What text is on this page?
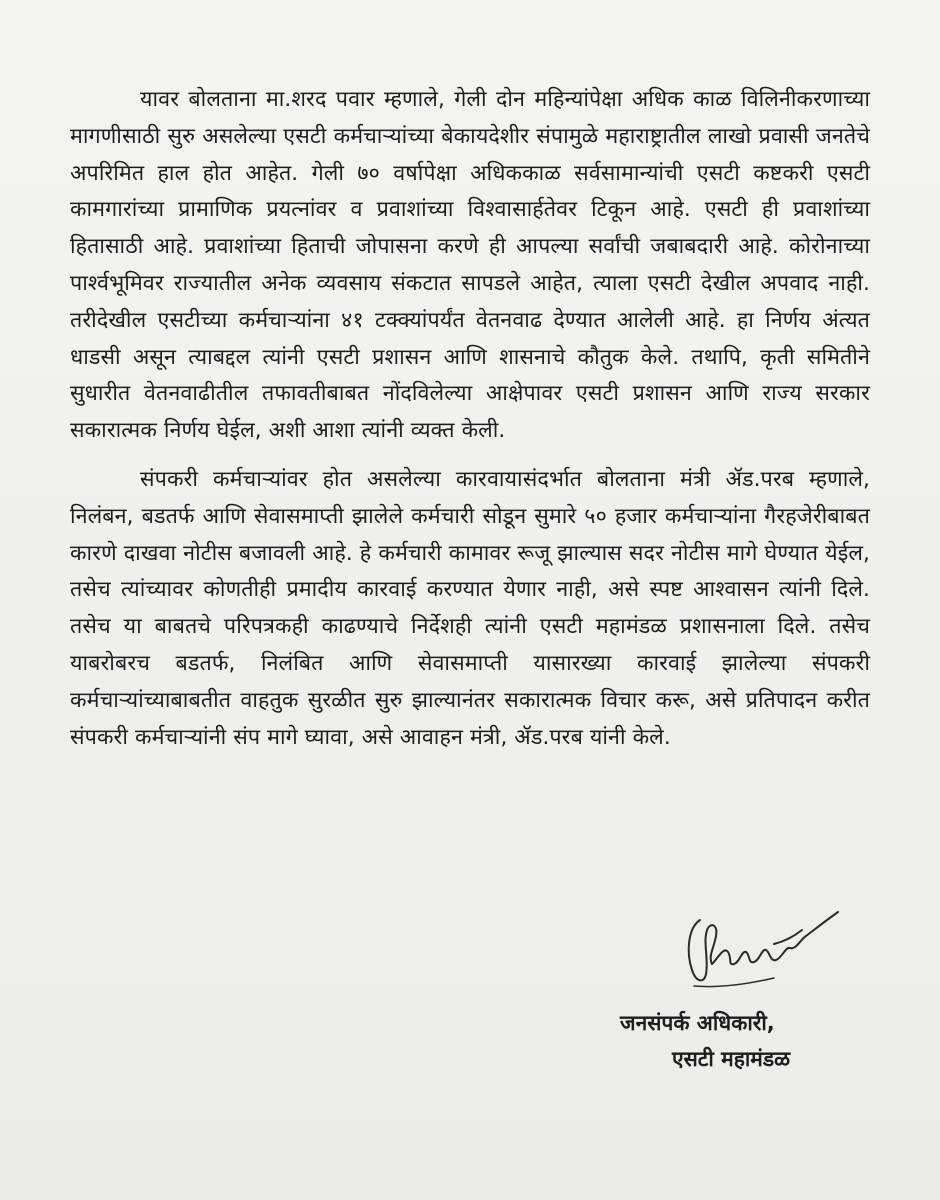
यावर बोलताना मा.शरद पवार म्हणाले, गेली दोन महिन्यांपेक्षा अधिक काळ विलिनीकरणाच्या मागणीसाठी सुरु असलेल्या एसटी कर्मचाऱ्यांच्या बेकायदेशीर संपामुळे महाराष्ट्रातील लाखो प्रवासी जनतेचे अपरिमित हाल होत आहेत. गेली ७० वर्षापेक्षा अधिककाळ सर्वसामान्यांची एसटी कष्टकरी एसटी कामगारांच्या प्रामाणिक प्रयत्नांवर व प्रवाशांच्या विश्वासार्हतेवर टिकून आहे. एसटी ही प्रवाशांच्या हितासाठी आहे. प्रवाशांच्या हिताची जोपासना करणे ही आपल्या सर्वांची जबाबदारी आहे. कोरोनाच्या पार्श्वभूमिवर राज्यातील अनेक व्यवसाय संकटात सापडले आहेत, त्याला एसटी देखील अपवाद नाही. तरीदेखील एसटीच्या कर्मचाऱ्यांना ४१ टक्क्यांपर्यंत वेतनवाढ देण्यात आलेली आहे. हा निर्णय अंत्यत धाडसी असून त्याबद्दल त्यांनी एसटी प्रशासन आणि शासनाचे कौतुक केले. तथापि, कृती समितीने सुधारीत वेतनवाढीतील तफावतीबाबत नोंदविलेल्या आक्षेपावर एसटी प्रशासन आणि राज्य सरकार सकारात्मक निर्णय घेईल, अशी आशा त्यांनी व्यक्त केली.

संपकरी कर्मचाऱ्यांवर होत असलेल्या कारवायासंदर्भात बोलताना मंत्री ॲड.परब म्हणाले, निलंबन, बडतर्फ आणि सेवासमाप्ती झालेले कर्मचारी सोडून सुमारे ५० हजार कर्मचाऱ्यांना गैरहजेरीबाबत कारणे दाखवा नोटीस बजावली आहे. हे कर्मचारी कामावर रूजू झाल्यास सदर नोटीस मागे घेण्यात येईल, तसेच त्यांच्यावर कोणतीही प्रमादीय कारवाई करण्यात येणार नाही, असे स्पष्ट आश्वासन त्यांनी दिले. तसेच या बाबतचे परिपत्रकही काढण्याचे निर्देशही त्यांनी एसटी महामंडळ प्रशासनाला दिले. तसेच याबरोबरच बडतर्फ, निलंबित आणि सेवासमाप्ती यासारख्या कारवाई झालेल्या संपकरी कर्मचाऱ्यांच्याबाबतीत वाहतुक सुरळीत सुरु झाल्यानंतर सकारात्मक विचार करू, असे प्रतिपादन करीत संपकरी कर्मचाऱ्यांनी संप मागे घ्यावा, असे आवाहन मंत्री, ॲड.परब यांनी केले.

जनसंपर्क अधिकारी,
एसटी महामंडळ
